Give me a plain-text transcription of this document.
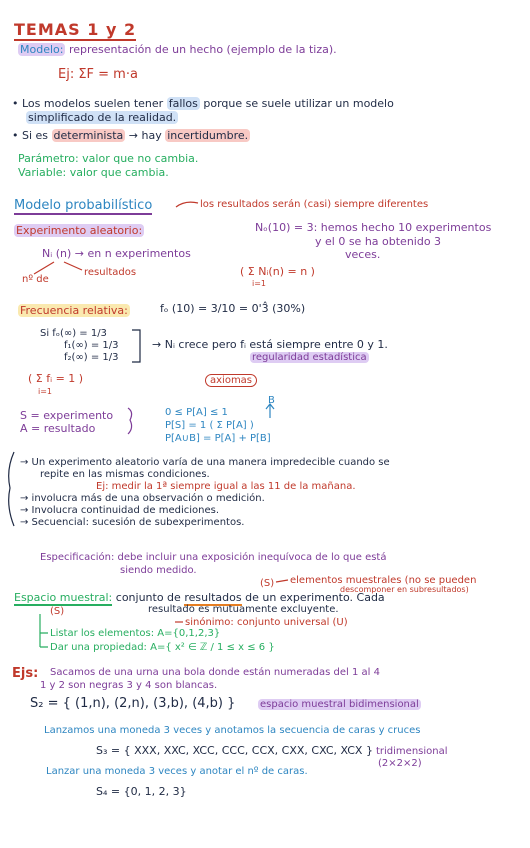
TEMAS 1 y 2
Modelo: representación de un hecho (ejemplo de la tiza).
Ej: ΣF = m·a
• Los modelos suelen tener fallos porque se suele utilizar un modelo
simplificado de la realidad.
• Si es determinista → hay incertidumbre.
Parámetro: valor que no cambia.
Variable: valor que cambia.
Modelo probabilístico	los resultados serán (casi) siempre diferentes
Experimento aleatorio:	Nₒ(10) = 3: hemos hecho 10 experimentos
y el 0 se ha obtenido 3
veces.
Nᵢ (n) → en n experimentos
nº de
resultados	( Σ Nᵢ(n) = n )
i=1
Frecuencia relativa:	fₒ (10) = 3/10 = 0'3̂ (30%)
Si fₒ(∞) = 1/3
f₁(∞) = 1/3
f₂(∞) = 1/3
→ Nᵢ crece pero fᵢ está siempre entre 0 y 1.
regularidad estadística
( Σ fᵢ = 1 )
i=1
axiomas
B
S = experimento
A = resultado
0 ≤ P[A] ≤ 1
P[S] = 1 ( Σ P[A] )
P[A∪B] = P[A] + P[B]
→ Un experimento aleatorio varía de una manera impredecible cuando se
repite en las mismas condiciones.
Ej: medir la 1ª siempre igual a las 11 de la mañana.
→ involucra más de una observación o medición.
→ Involucra continuidad de mediciones.
→ Secuencial: sucesión de subexperimentos.
Especificación: debe incluir una exposición inequívoca de lo que está
siendo medido.
(S) elementos muestrales (no se pueden
descomponer en subresultados)
Espacio muestral: conjunto de resultados de un experimento. Cada
(S)	resultado es mutuamente excluyente.
sinónimo: conjunto universal (U)
Listar los elementos: A={0,1,2,3}
Dar una propiedad: A={ x² ∈ ℤ / 1 ≤ x ≤ 6 }
Ejs: Sacamos de una urna una bola donde están numeradas del 1 al 4
1 y 2 son negras 3 y 4 son blancas.
S₂ = { (1,n), (2,n), (3,b), (4,b) } espacio muestral bidimensional
Lanzamos una moneda 3 veces y anotamos la secuencia de caras y cruces
S₃ = { XXX, XXC, XCC, CCC, CCX, CXX, CXC, XCX } tridimensional
(2×2×2)
Lanzar una moneda 3 veces y anotar el nº de caras.
S₄ = {0, 1, 2, 3}
